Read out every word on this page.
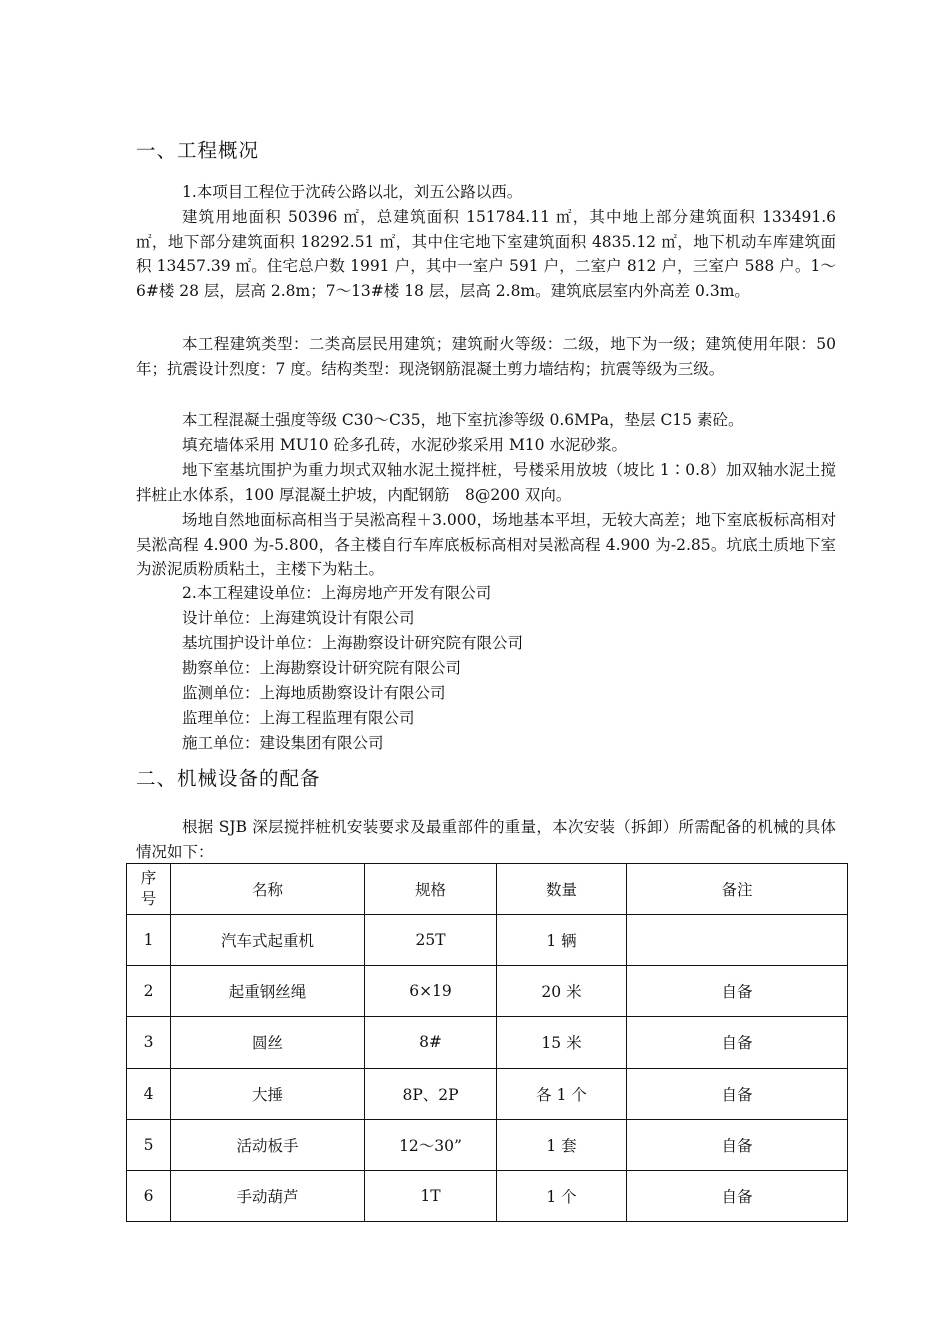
一、工程概况

1.本项目工程位于沈砖公路以北，刘五公路以西。

建筑用地面积 50396 ㎡，总建筑面积 151784.11 ㎡，其中地上部分建筑面积 133491.6 ㎡，地下部分建筑面积 18292.51 ㎡，其中住宅地下室建筑面积 4835.12 ㎡，地下机动车库建筑面积 13457.39 ㎡。住宅总户数 1991 户，其中一室户 591 户，二室户 812 户，三室户 588 户。1～6#楼 28 层，层高 2.8m；7～13#楼 18 层，层高 2.8m。建筑底层室内外高差 0.3m。

本工程建筑类型：二类高层民用建筑；建筑耐火等级：二级，地下为一级；建筑使用年限：50 年；抗震设计烈度：7 度。结构类型：现浇钢筋混凝土剪力墙结构；抗震等级为三级。

本工程混凝土强度等级 C30～C35，地下室抗渗等级 0.6MPa，垫层 C15 素砼。

填充墙体采用 MU10 砼多孔砖，水泥砂浆采用 M10 水泥砂浆。

地下室基坑围护为重力坝式双轴水泥土搅拌桩，号楼采用放坡（坡比 1∶0.8）加双轴水泥土搅拌桩止水体系，100 厚混凝土护坡，内配钢筋　8@200 双向。

场地自然地面标高相当于吴淞高程＋3.000，场地基本平坦，无较大高差；地下室底板标高相对吴淞高程 4.900 为-5.800，各主楼自行车库底板标高相对吴淞高程 4.900 为-2.85。坑底土质地下室为淤泥质粉质粘土，主楼下为粘土。

2.本工程建设单位：上海房地产开发有限公司

设计单位：上海建筑设计有限公司

基坑围护设计单位：上海勘察设计研究院有限公司

勘察单位：上海勘察设计研究院有限公司

监测单位：上海地质勘察设计有限公司

监理单位：上海工程监理有限公司

施工单位：建设集团有限公司

二、机械设备的配备

根据 SJB 深层搅拌桩机安装要求及最重部件的重量，本次安装（拆卸）所需配备的机械的具体情况如下：

序号	名称	规格	数量	备注
1	汽车式起重机	25T	1 辆	
2	起重钢丝绳	6×19	20 米	自备
3	圆丝	8#	15 米	自备
4	大捶	8P、2P	各 1 个	自备
5	活动板手	12～30”	1 套	自备
6	手动葫芦	1T	1 个	自备
